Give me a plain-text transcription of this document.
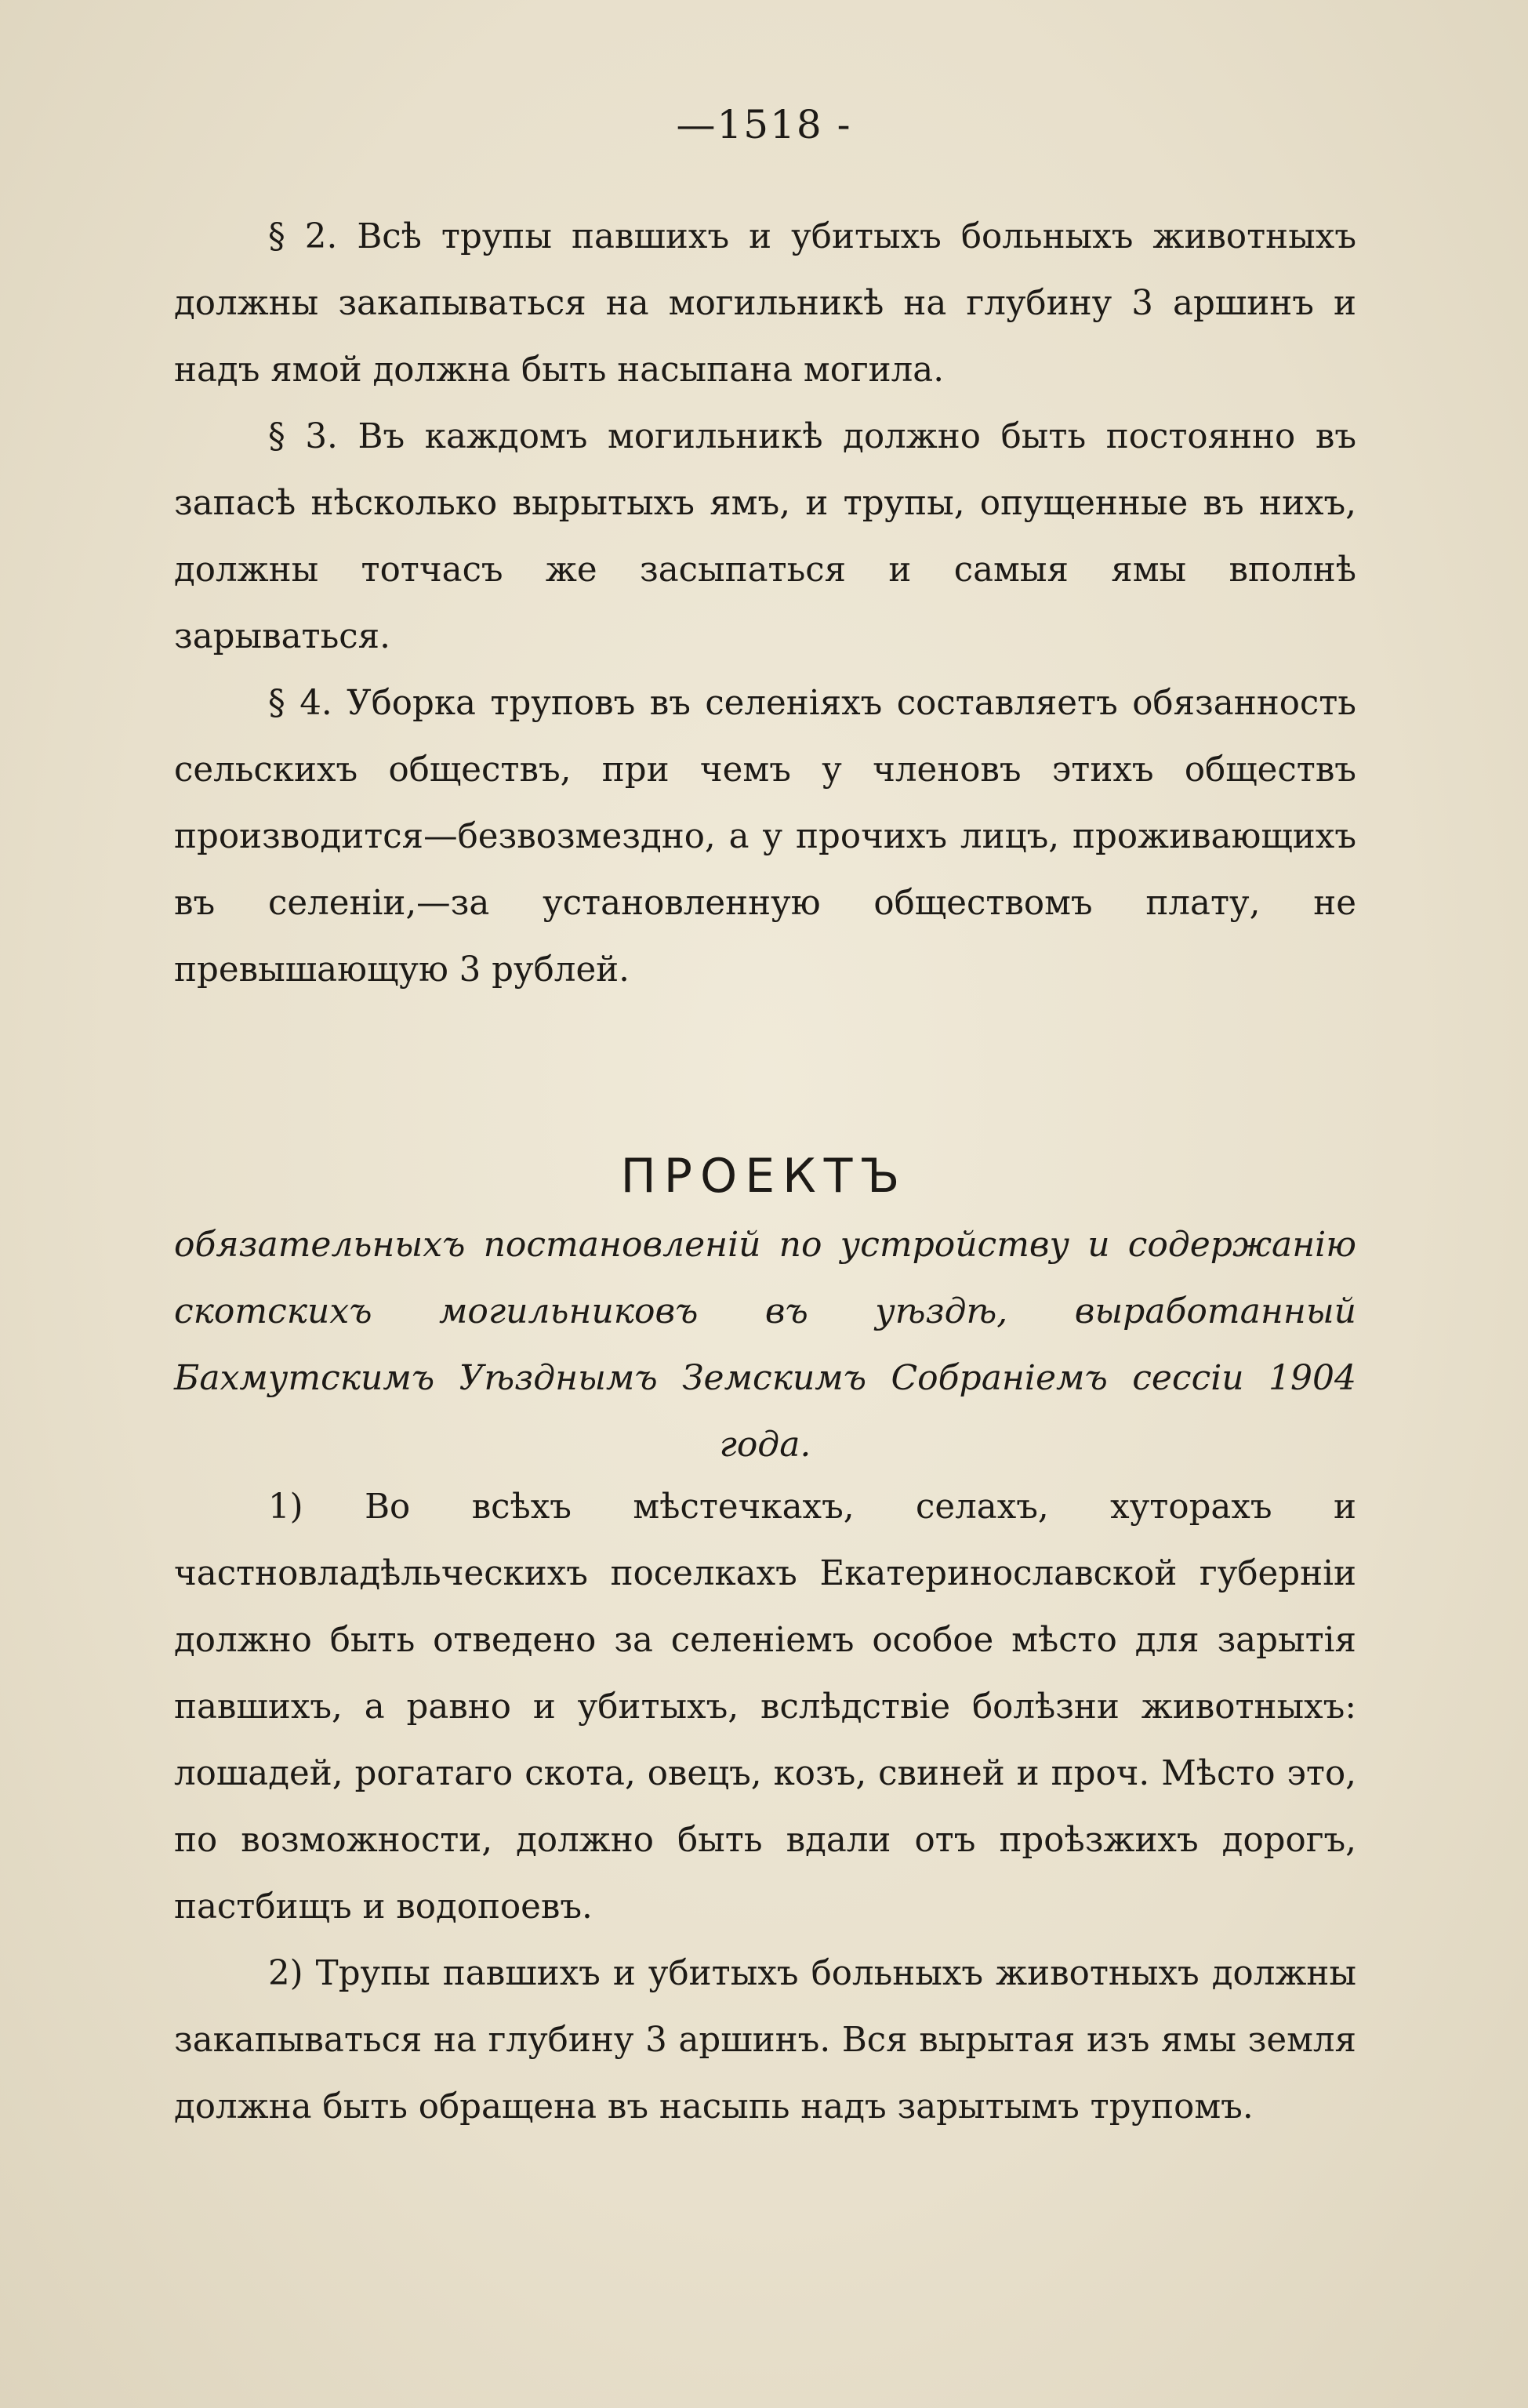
—1518 -

§ 2. Всѣ трупы павшихъ и убитыхъ больныхъ животныхъ должны закапываться на могильникѣ на глубину 3 аршинъ и надъ ямой должна быть насыпана могила.

§ 3. Въ каждомъ могильникѣ должно быть постоянно въ запасѣ нѣсколько вырытыхъ ямъ, и трупы, опущенные въ нихъ, должны тотчасъ же засыпаться и самыя ямы вполнѣ зарываться.

§ 4. Уборка труповъ въ селеніяхъ составляетъ обязанность сельскихъ обществъ, при чемъ у членовъ этихъ обществъ производится—безвозмездно, а у прочихъ лицъ, проживающихъ въ селеніи,—за установленную обществомъ плату, не превышающую 3 рублей.

ПРОЕКТЪ
обязательныхъ постановленій по устройству и содержанію скотскихъ могильниковъ въ уѣздѣ, выработанный Бахмутскимъ Уѣзднымъ Земскимъ Собраніемъ сессіи 1904 года.

1) Во всѣхъ мѣстечкахъ, селахъ, хуторахъ и частновладѣльческихъ поселкахъ Екатеринославской губерніи должно быть отведено за селеніемъ особое мѣсто для зарытія павшихъ, а равно и убитыхъ, вслѣдствіе болѣзни животныхъ: лошадей, рогатаго скота, овецъ, козъ, свиней и проч. Мѣсто это, по возможности, должно быть вдали отъ проѣзжихъ дорогъ, пастбищъ и водопоевъ.

2) Трупы павшихъ и убитыхъ больныхъ животныхъ должны закапываться на глубину 3 аршинъ. Вся вырытая изъ ямы земля должна быть обращена въ насыпь надъ зарытымъ трупомъ.
